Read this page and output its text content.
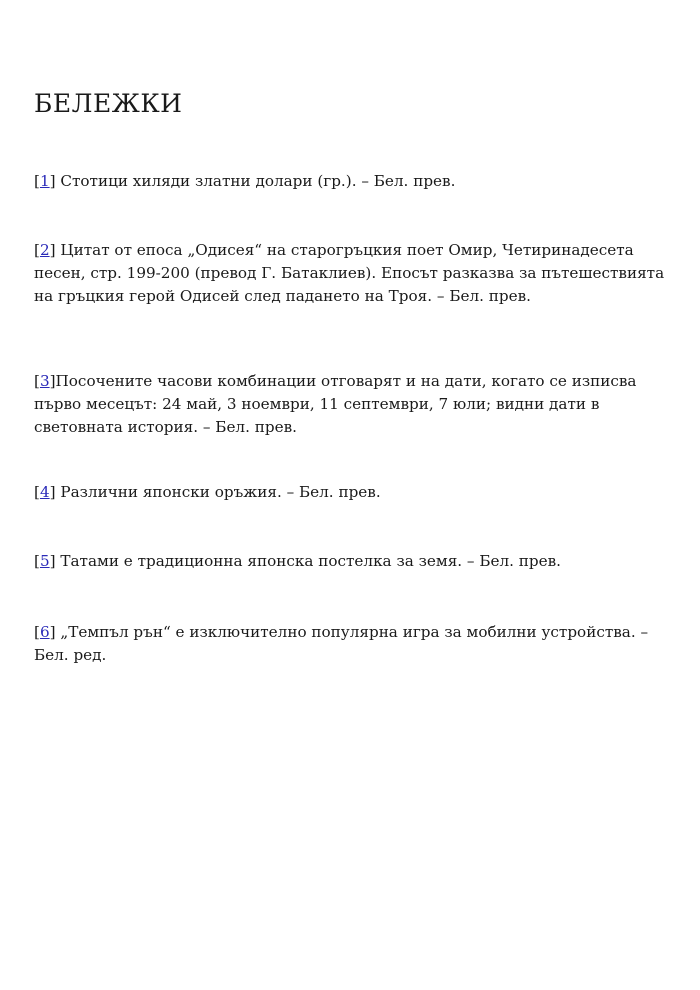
БЕЛЕЖКИ

[1] Стотици хиляди златни долари (гр.). – Бел. прев.

[2] Цитат от епоса „Одисея“ на старогръцкия поет Омир, Четиринадесета песен, стр. 199-200 (превод Г. Батаклиев). Епосът разказва за пътешествията на гръцкия герой Одисей след падането на Троя. – Бел. прев.

[3]Посочените часови комбинации отговарят и на дати, когато се изписва първо месецът: 24 май, 3 ноември, 11 септември, 7 юли; видни дати в световната история. – Бел. прев.

[4] Различни японски оръжия. – Бел. прев.

[5] Татами е традиционна японска постелка за земя. – Бел. прев.

[6] „Темпъл рън“ е изключително популярна игра за мобилни устройства. – Бел. ред.
